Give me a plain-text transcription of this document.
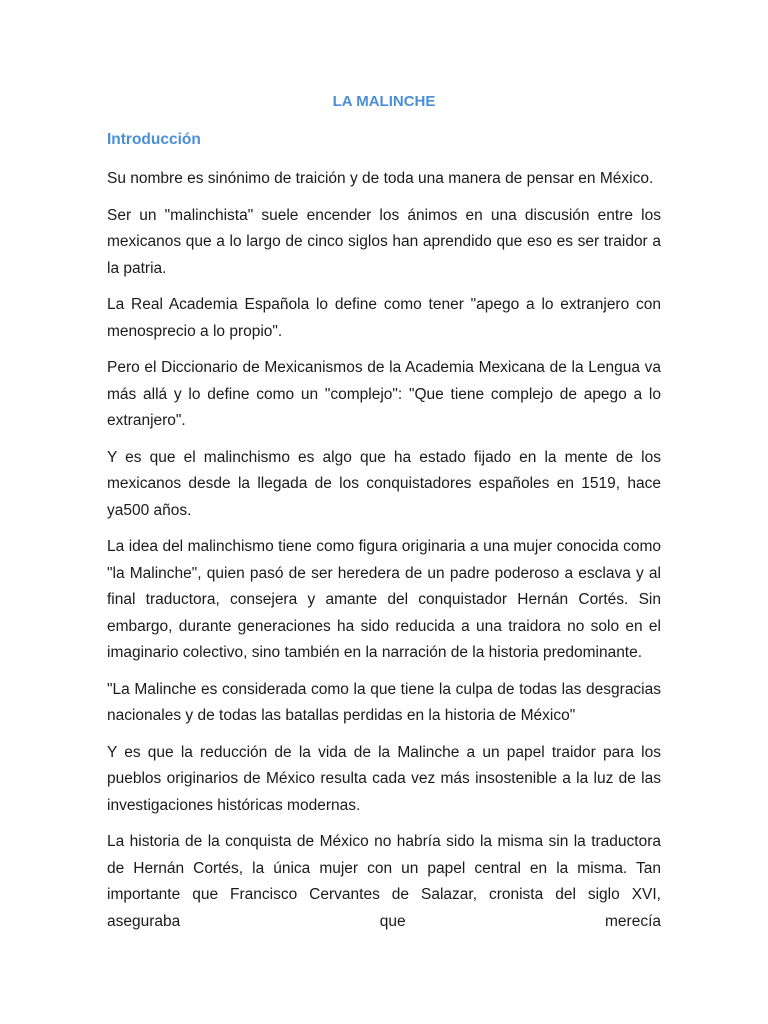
LA MALINCHE
Introducción

Su nombre es sinónimo de traición y de toda una manera de pensar en México.

Ser un "malinchista" suele encender los ánimos en una discusión entre los mexicanos que a lo largo de cinco siglos han aprendido que eso es ser traidor a la patria.

La Real Academia Española lo define como tener "apego a lo extranjero con menosprecio a lo propio".

Pero el Diccionario de Mexicanismos de la Academia Mexicana de la Lengua va más allá y lo define como un "complejo": "Que tiene complejo de apego a lo extranjero".

Y es que el malinchismo es algo que ha estado fijado en la mente de los mexicanos desde la llegada de los conquistadores españoles en 1519, hace ya500 años.

La idea del malinchismo tiene como figura originaria a una mujer conocida como "la Malinche", quien pasó de ser heredera de un padre poderoso a esclava y al final traductora, consejera y amante del conquistador Hernán Cortés. Sin embargo, durante generaciones ha sido reducida a una traidora no solo en el imaginario colectivo, sino también en la narración de la historia predominante.

"La Malinche es considerada como la que tiene la culpa de todas las desgracias nacionales y de todas las batallas perdidas en la historia de México"

Y es que la reducción de la vida de la Malinche a un papel traidor para los pueblos originarios de México resulta cada vez más insostenible a la luz de las investigaciones históricas modernas.

La historia de la conquista de México no habría sido la misma sin la traductora de Hernán Cortés, la única mujer con un papel central en la misma. Tan importante que Francisco Cervantes de Salazar, cronista del siglo XVI, aseguraba que merecía
